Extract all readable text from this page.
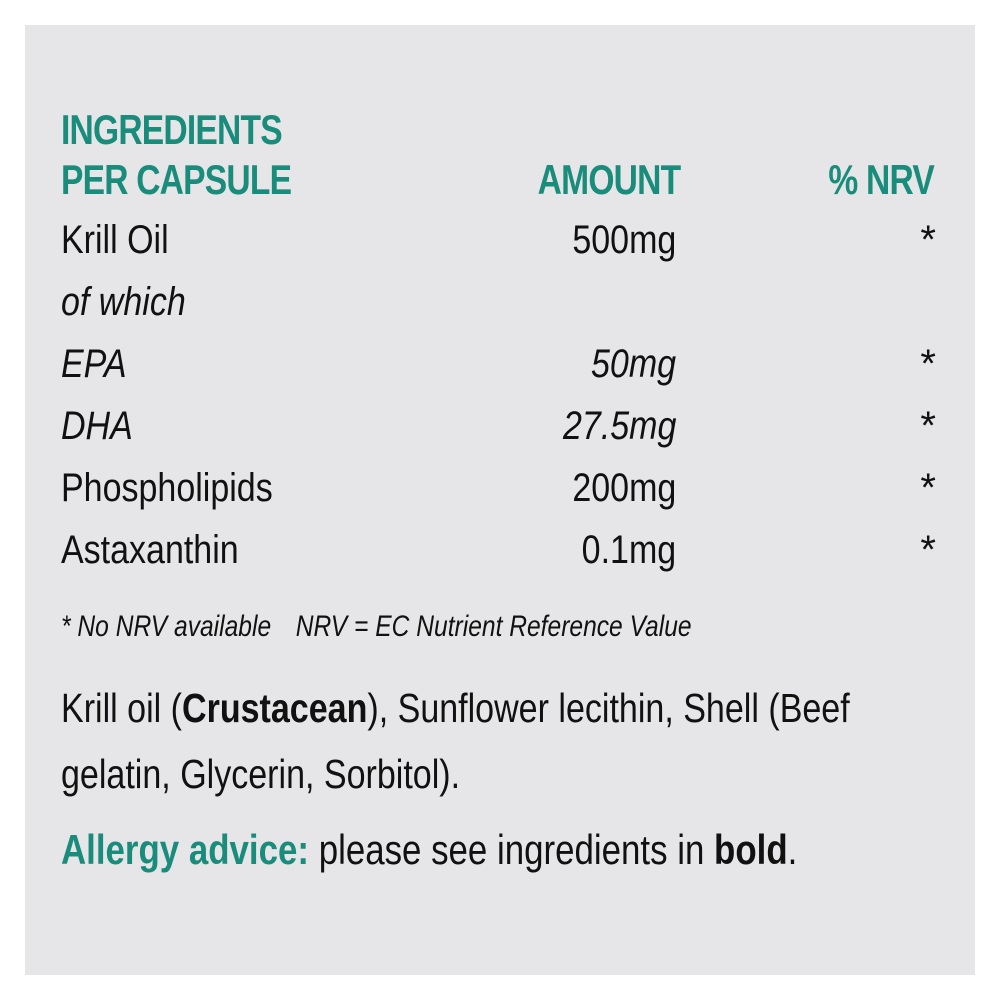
INGREDIENTS
PER CAPSULE	AMOUNT	% NRV
Krill Oil	500mg	*
of which
EPA	50mg	*
DHA	27.5mg	*
Phospholipids	200mg	*
Astaxanthin	0.1mg	*
* No NRV available NRV = EC Nutrient Reference Value
Krill oil (Crustacean), Sunflower lecithin, Shell (Beef
gelatin, Glycerin, Sorbitol).
Allergy advice: please see ingredients in bold.
